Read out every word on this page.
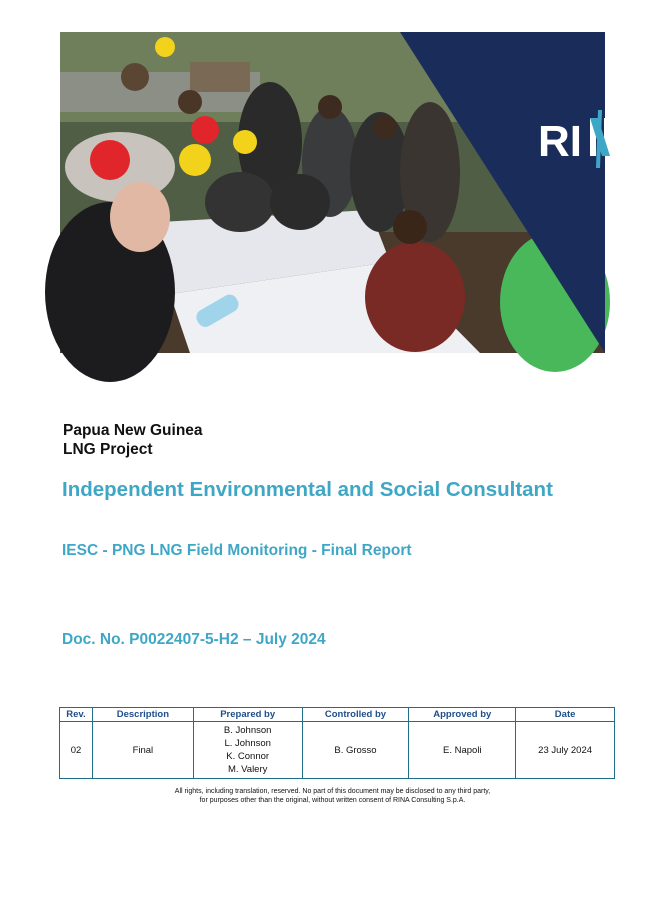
RI A
Papua New Guinea
LNG Project
Independent Environmental and Social Consultant
IESC - PNG LNG Field Monitoring - Final Report
Doc. No. P0022407-5-H2 – July 2024
Rev.	Description	Prepared by	Controlled by	Approved by	Date
02	Final	B. Johnson
L. Johnson
K. Connor
M. Valery	B. Grosso	E. Napoli	23 July 2024
All rights, including translation, reserved. No part of this document may be disclosed to any third party,
for purposes other than the original, without written consent of RINA Consulting S.p.A.
